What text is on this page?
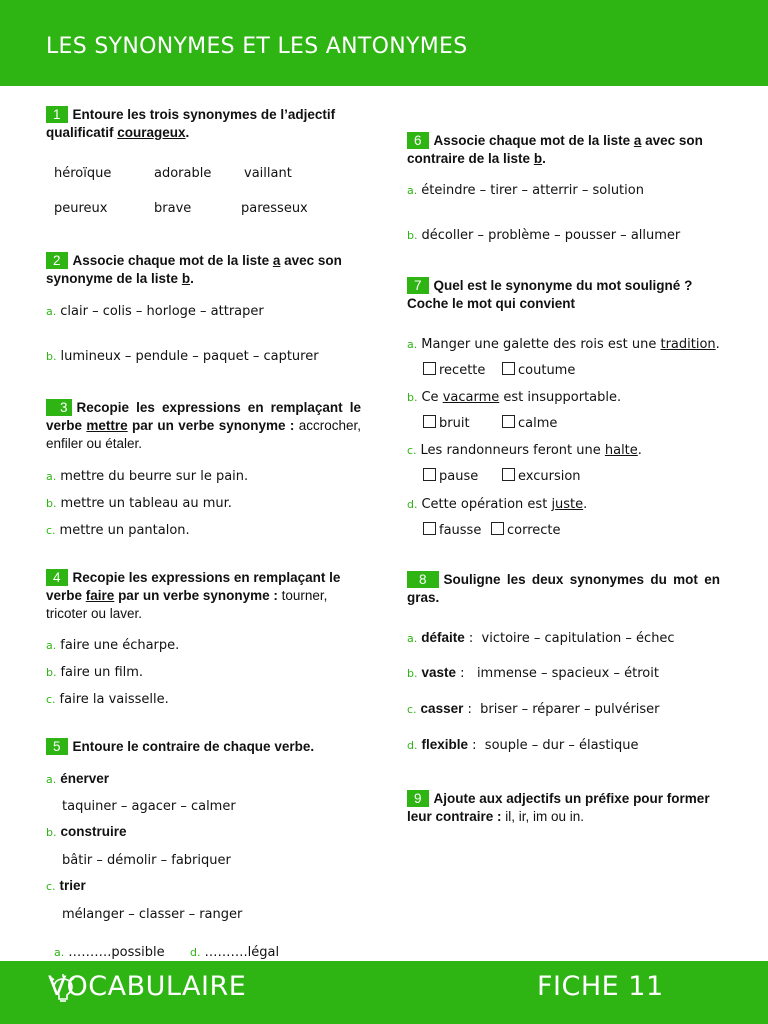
LES SYNONYMES ET LES ANTONYMES
1 Entoure les trois synonymes de l’adjectif qualificatif courageux.
héroïque	adorable	vaillant
peureux	brave	paresseux
2 Associe chaque mot de la liste a avec son synonyme de la liste b.
a. clair – colis – horloge – attraper
b. lumineux – pendule – paquet – capturer
3 Recopie les expressions en remplaçant le verbe mettre par un verbe synonyme : accrocher, enfiler ou étaler.
a. mettre du beurre sur le pain.
b. mettre un tableau au mur.
c. mettre un pantalon.
4 Recopie les expressions en remplaçant le verbe faire par un verbe synonyme : tourner, tricoter ou laver.
a. faire une écharpe.
b. faire un film.
c. faire la vaisselle.
5 Entoure le contraire de chaque verbe.
a. énerver
taquiner – agacer – calmer
b. construire
bâtir – démolir – fabriquer
c. trier
mélanger – classer – ranger
a. ……….possible d. ……….légal
6 Associe chaque mot de la liste a avec son contraire de la liste b.
a. éteindre – tirer – atterrir – solution
b. décoller – problème – pousser – allumer
7 Quel est le synonyme du mot souligné ? Coche le mot qui convient
a. Manger une galette des rois est une tradition.
recette	coutume
b. Ce vacarme est insupportable.
bruit	calme
c. Les randonneurs feront une halte.
pause	excursion
d. Cette opération est juste.
fausse	correcte
8 Souligne les deux synonymes du mot en gras.
a. défaite :  victoire – capitulation – échec
b. vaste :   immense – spacieux – étroit
c. casser :  briser – réparer – pulvériser
d. flexible :  souple – dur – élastique
9 Ajoute aux adjectifs un préfixe pour former leur contraire : il, ir, im ou in.
VOCABULAIRE	FICHE 11
